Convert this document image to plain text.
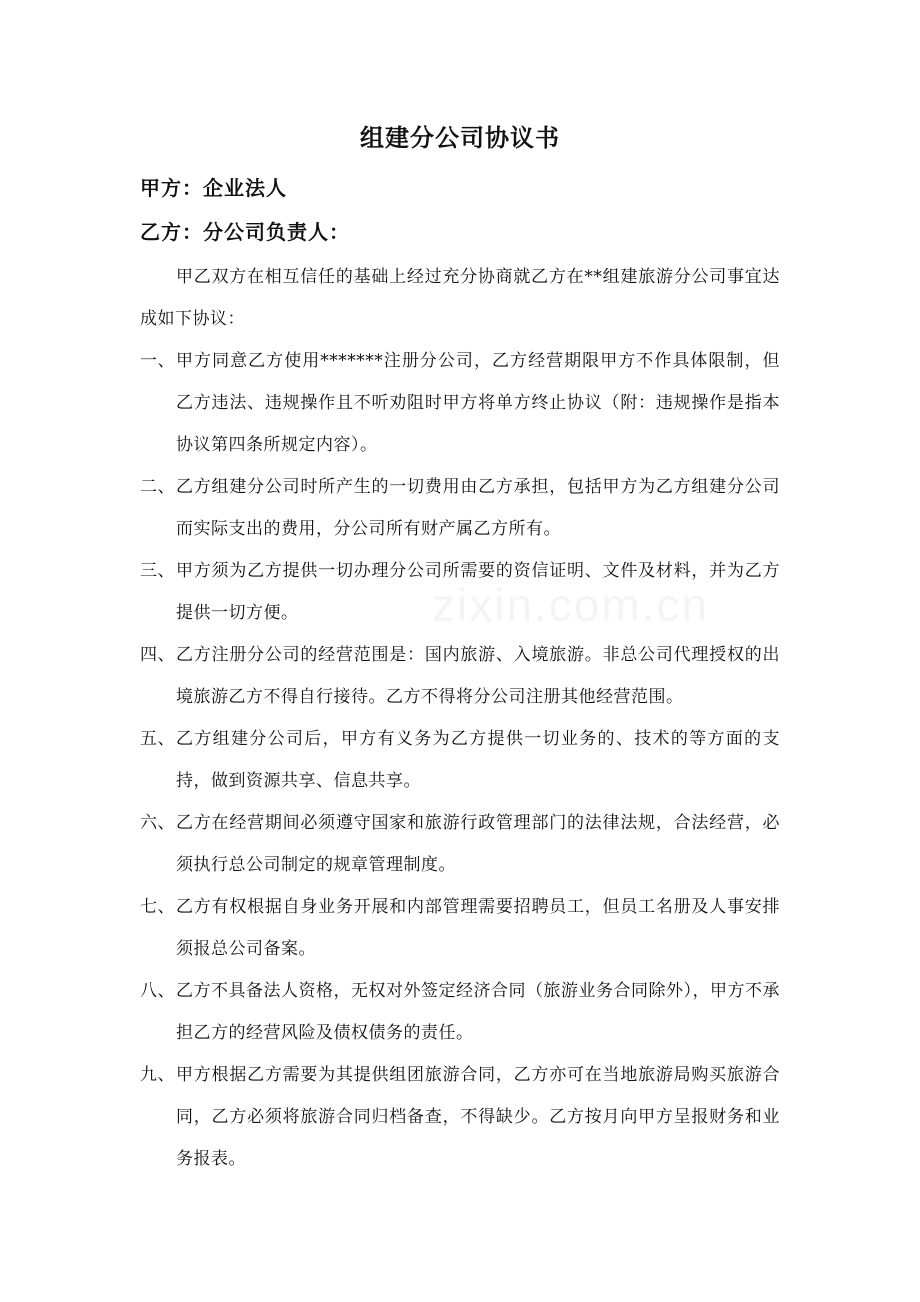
组建分公司协议书
甲方：企业法人
乙方：分公司负责人：
甲乙双方在相互信任的基础上经过充分协商就乙方在**组建旅游分公司事宜达成如下协议：
一、 甲方同意乙方使用*******注册分公司，乙方经营期限甲方不作具体限制，但乙方违法、违规操作且不听劝阻时甲方将单方终止协议（附：违规操作是指本协议第四条所规定内容）。
二、 乙方组建分公司时所产生的一切费用由乙方承担，包括甲方为乙方组建分公司而实际支出的费用，分公司所有财产属乙方所有。
三、 甲方须为乙方提供一切办理分公司所需要的资信证明、文件及材料，并为乙方提供一切方便。
四、 乙方注册分公司的经营范围是：国内旅游、入境旅游。非总公司代理授权的出境旅游乙方不得自行接待。乙方不得将分公司注册其他经营范围。
五、 乙方组建分公司后，甲方有义务为乙方提供一切业务的、技术的等方面的支持，做到资源共享、信息共享。
六、 乙方在经营期间必须遵守国家和旅游行政管理部门的法律法规，合法经营，必须执行总公司制定的规章管理制度。
七、 乙方有权根据自身业务开展和内部管理需要招聘员工，但员工名册及人事安排须报总公司备案。
八、 乙方不具备法人资格，无权对外签定经济合同（旅游业务合同除外），甲方不承担乙方的经营风险及债权债务的责任。
九、 甲方根据乙方需要为其提供组团旅游合同，乙方亦可在当地旅游局购买旅游合同，乙方必须将旅游合同归档备查，不得缺少。乙方按月向甲方呈报财务和业务报表。
